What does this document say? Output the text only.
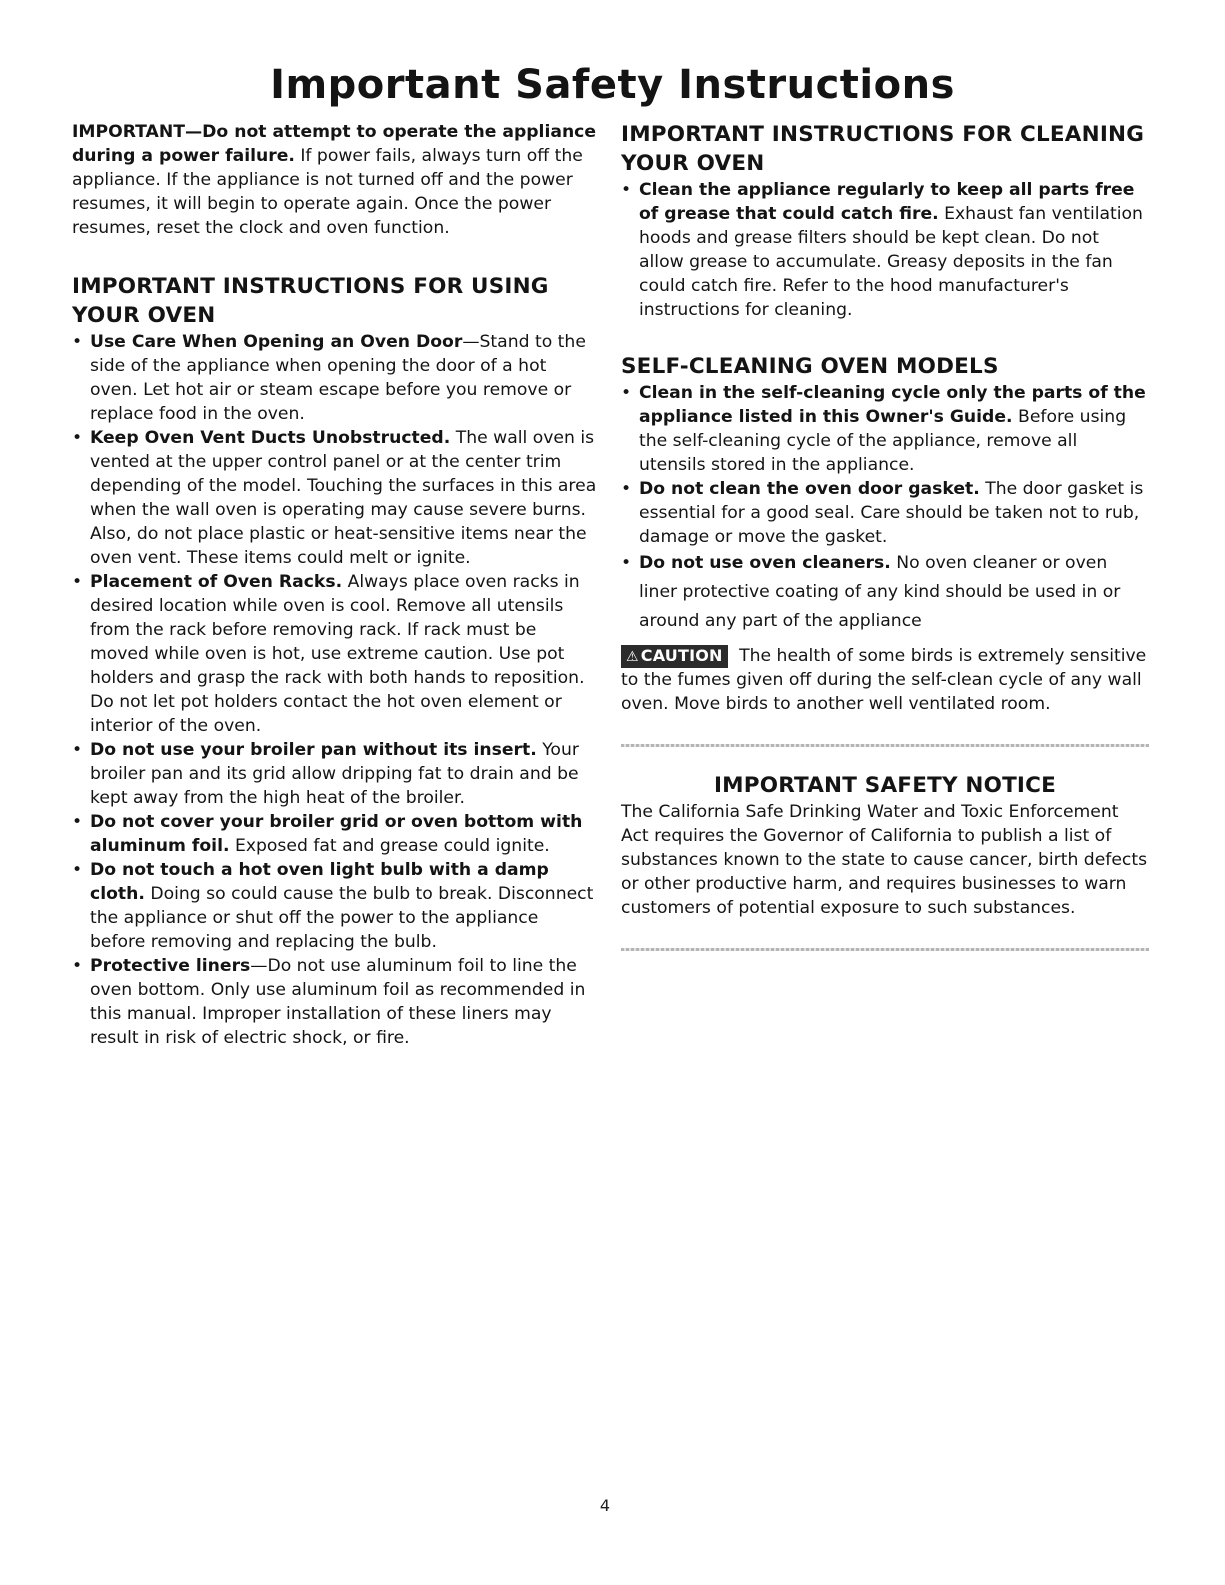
Important Safety Instructions

IMPORTANT—Do not attempt to operate the appliance during a power failure. If power fails, always turn off the appliance. If the appliance is not turned off and the power resumes, it will begin to operate again. Once the power resumes, reset the clock and oven function.

IMPORTANT INSTRUCTIONS FOR USING YOUR OVEN
• Use Care When Opening an Oven Door—Stand to the side of the appliance when opening the door of a hot oven. Let hot air or steam escape before you remove or replace food in the oven.
• Keep Oven Vent Ducts Unobstructed. The wall oven is vented at the upper control panel or at the center trim depending of the model. Touching the surfaces in this area when the wall oven is operating may cause severe burns. Also, do not place plastic or heat-sensitive items near the oven vent. These items could melt or ignite.
• Placement of Oven Racks. Always place oven racks in desired location while oven is cool. Remove all utensils from the rack before removing rack. If rack must be moved while oven is hot, use extreme caution. Use pot holders and grasp the rack with both hands to reposition. Do not let pot holders contact the hot oven element or interior of the oven.
• Do not use your broiler pan without its insert. Your broiler pan and its grid allow dripping fat to drain and be kept away from the high heat of the broiler.
• Do not cover your broiler grid or oven bottom with aluminum foil. Exposed fat and grease could ignite.
• Do not touch a hot oven light bulb with a damp cloth. Doing so could cause the bulb to break. Disconnect the appliance or shut off the power to the appliance before removing and replacing the bulb.
• Protective liners—Do not use aluminum foil to line the oven bottom. Only use aluminum foil as recommended in this manual. Improper installation of these liners may result in risk of electric shock, or fire.
IMPORTANT INSTRUCTIONS FOR CLEANING YOUR OVEN
• Clean the appliance regularly to keep all parts free of grease that could catch fire. Exhaust fan ventilation hoods and grease filters should be kept clean. Do not allow grease to accumulate. Greasy deposits in the fan could catch fire. Refer to the hood manufacturer's instructions for cleaning.
SELF-CLEANING OVEN MODELS
• Clean in the self-cleaning cycle only the parts of the appliance listed in this Owner's Guide. Before using the self-cleaning cycle of the appliance, remove all utensils stored in the appliance.
• Do not clean the oven door gasket. The door gasket is essential for a good seal. Care should be taken not to rub, damage or move the gasket.
• Do not use oven cleaners. No oven cleaner or oven liner protective coating of any kind should be used in or around any part of the appliance

⚠ CAUTION The health of some birds is extremely sensitive to the fumes given off during the self-clean cycle of any wall oven. Move birds to another well ventilated room.

IMPORTANT SAFETY NOTICE

The California Safe Drinking Water and Toxic Enforcement Act requires the Governor of California to publish a list of substances known to the state to cause cancer, birth defects or other productive harm, and requires businesses to warn customers of potential exposure to such substances.

4
